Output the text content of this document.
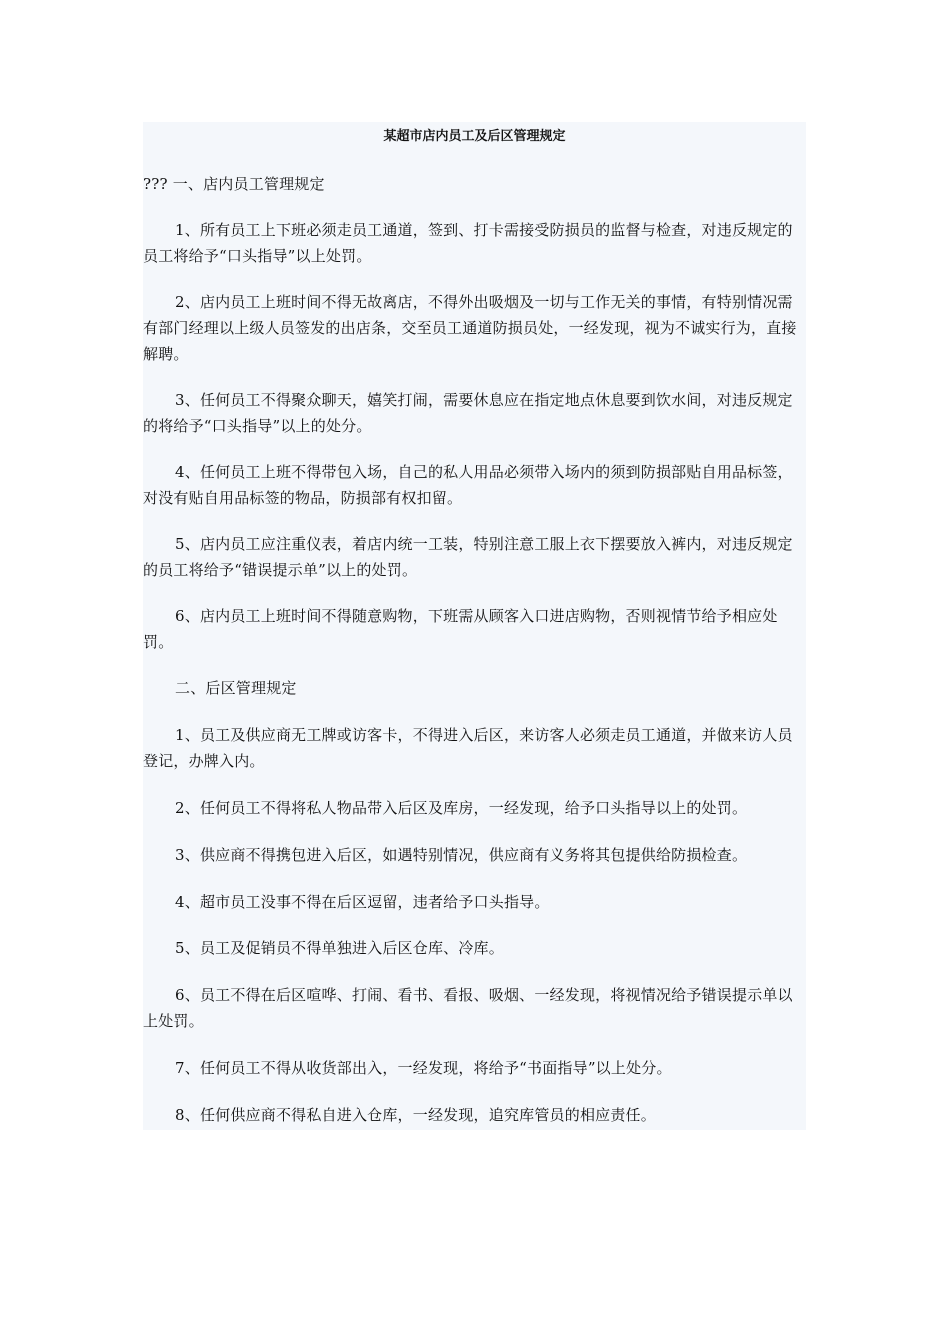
某超市店内员工及后区管理规定

??? 一、店内员工管理规定

1、所有员工上下班必须走员工通道，签到、打卡需接受防损员的监督与检查，对违反规定的员工将给予“口头指导”以上处罚。

2、店内员工上班时间不得无故离店，不得外出吸烟及一切与工作无关的事情，有特别情况需有部门经理以上级人员签发的出店条，交至员工通道防损员处，一经发现，视为不诚实行为，直接解聘。

3、任何员工不得聚众聊天，嬉笑打闹，需要休息应在指定地点休息要到饮水间，对违反规定的将给予“口头指导”以上的处分。

4、任何员工上班不得带包入场，自己的私人用品必须带入场内的须到防损部贴自用品标签，对没有贴自用品标签的物品，防损部有权扣留。

5、店内员工应注重仪表，着店内统一工装，特别注意工服上衣下摆要放入裤内，对违反规定的员工将给予“错误提示单”以上的处罚。

6、店内员工上班时间不得随意购物，下班需从顾客入口进店购物，否则视情节给予相应处罚。

二、后区管理规定

1、员工及供应商无工牌或访客卡，不得进入后区，来访客人必须走员工通道，并做来访人员登记，办牌入内。

2、任何员工不得将私人物品带入后区及库房，一经发现，给予口头指导以上的处罚。

3、供应商不得携包进入后区，如遇特别情况，供应商有义务将其包提供给防损检查。

4、超市员工没事不得在后区逗留，违者给予口头指导。

5、员工及促销员不得单独进入后区仓库、冷库。

6、员工不得在后区喧哗、打闹、看书、看报、吸烟、一经发现，将视情况给予错误提示单以上处罚。

7、任何员工不得从收货部出入，一经发现，将给予“书面指导”以上处分。

8、任何供应商不得私自进入仓库，一经发现，追究库管员的相应责任。
